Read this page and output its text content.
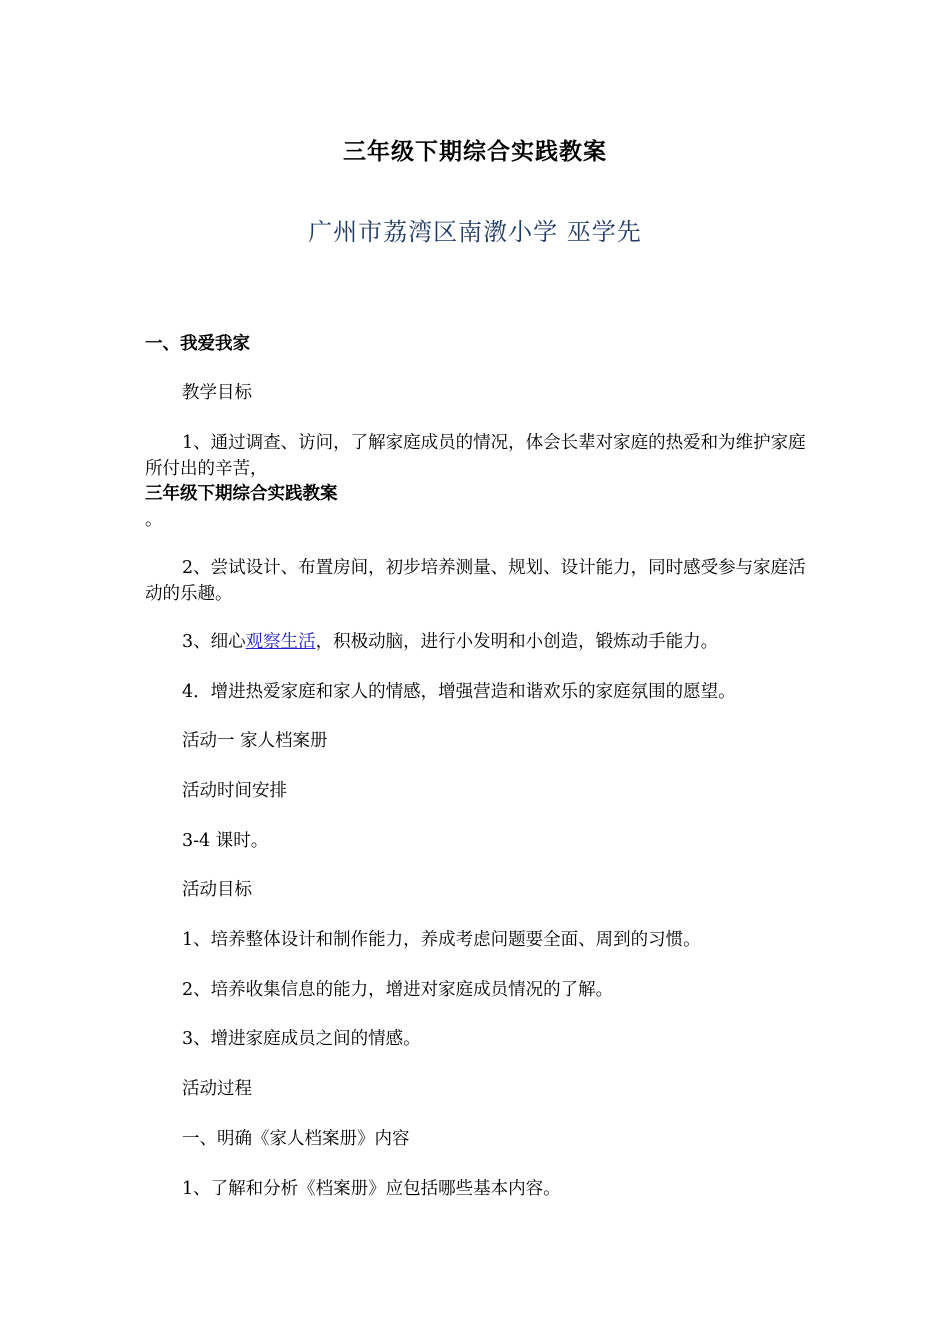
三年级下期综合实践教案
广州市荔湾区南漖小学 巫学先
一、我爱我家
教学目标
1、通过调查、访问，了解家庭成员的情况，体会长辈对家庭的热爱和为维护家庭所付出的辛苦，
三年级下期综合实践教案
。
2、尝试设计、布置房间，初步培养测量、规划、设计能力，同时感受参与家庭活动的乐趣。
3、细心观察生活，积极动脑，进行小发明和小创造，锻炼动手能力。
4．增进热爱家庭和家人的情感，增强营造和谐欢乐的家庭氛围的愿望。
活动一 家人档案册
活动时间安排
3-4 课时。
活动目标
1、培养整体设计和制作能力，养成考虑问题要全面、周到的习惯。
2、培养收集信息的能力，增进对家庭成员情况的了解。
3、增进家庭成员之间的情感。
活动过程
一、明确《家人档案册》内容
1、了解和分析《档案册》应包括哪些基本内容。
